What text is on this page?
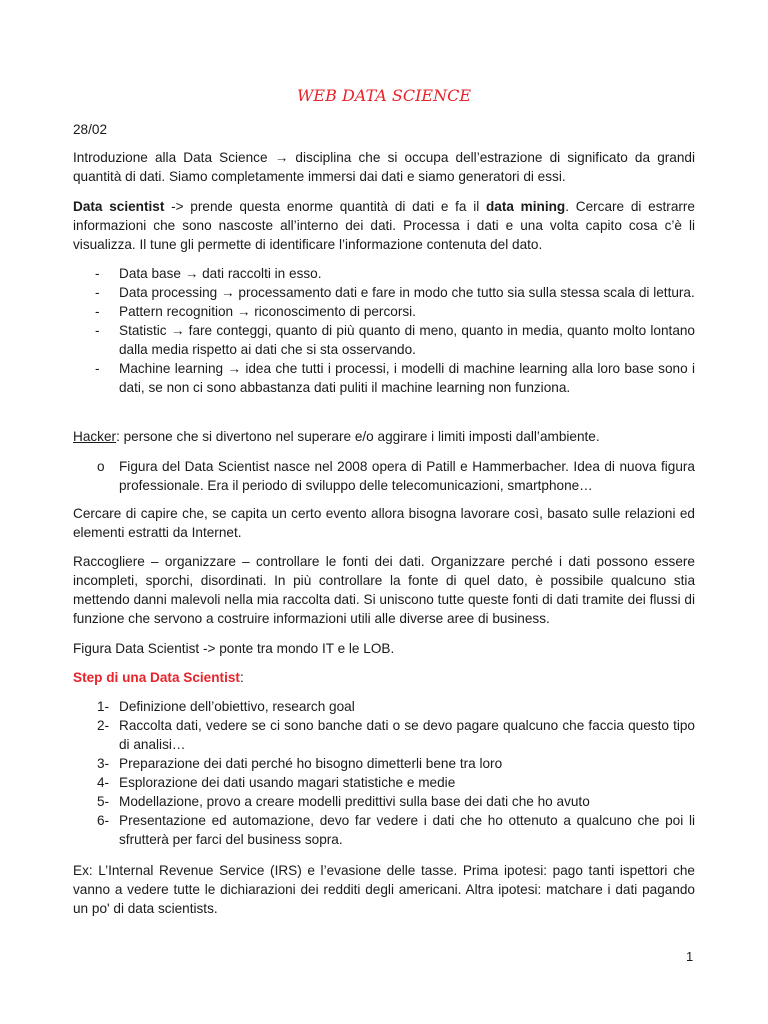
WEB DATA SCIENCE
28/02
Introduzione alla Data Science → disciplina che si occupa dell’estrazione di significato da grandi quantità di dati. Siamo completamente immersi dai dati e siamo generatori di essi.
Data scientist -> prende questa enorme quantità di dati e fa il data mining. Cercare di estrarre informazioni che sono nascoste all’interno dei dati. Processa i dati e una volta capito cosa c’è li visualizza. Il tune gli permette di identificare l’informazione contenuta del dato.
- Data base → dati raccolti in esso.
- Data processing → processamento dati e fare in modo che tutto sia sulla stessa scala di lettura.
- Pattern recognition → riconoscimento di percorsi.
- Statistic → fare conteggi, quanto di più quanto di meno, quanto in media, quanto molto lontano dalla media rispetto ai dati che si sta osservando.
- Machine learning → idea che tutti i processi, i modelli di machine learning alla loro base sono i dati, se non ci sono abbastanza dati puliti il machine learning non funziona.
Hacker: persone che si divertono nel superare e/o aggirare i limiti imposti dall’ambiente.
o Figura del Data Scientist nasce nel 2008 opera di Patill e Hammerbacher. Idea di nuova figura professionale. Era il periodo di sviluppo delle telecomunicazioni, smartphone…
Cercare di capire che, se capita un certo evento allora bisogna lavorare così, basato sulle relazioni ed elementi estratti da Internet.
Raccogliere – organizzare – controllare le fonti dei dati. Organizzare perché i dati possono essere incompleti, sporchi, disordinati. In più controllare la fonte di quel dato, è possibile qualcuno stia mettendo danni malevoli nella mia raccolta dati. Si uniscono tutte queste fonti di dati tramite dei flussi di funzione che servono a costruire informazioni utili alle diverse aree di business.
Figura Data Scientist -> ponte tra mondo IT e le LOB.
Step di una Data Scientist:
1- Definizione dell’obiettivo, research goal
2- Raccolta dati, vedere se ci sono banche dati o se devo pagare qualcuno che faccia questo tipo di analisi…
3- Preparazione dei dati perché ho bisogno dimetterli bene tra loro
4- Esplorazione dei dati usando magari statistiche e medie
5- Modellazione, provo a creare modelli predittivi sulla base dei dati che ho avuto
6- Presentazione ed automazione, devo far vedere i dati che ho ottenuto a qualcuno che poi li sfrutterà per farci del business sopra.
Ex: L’Internal Revenue Service (IRS) e l’evasione delle tasse. Prima ipotesi: pago tanti ispettori che vanno a vedere tutte le dichiarazioni dei redditi degli americani. Altra ipotesi: matchare i dati pagando un po' di data scientists.
1
